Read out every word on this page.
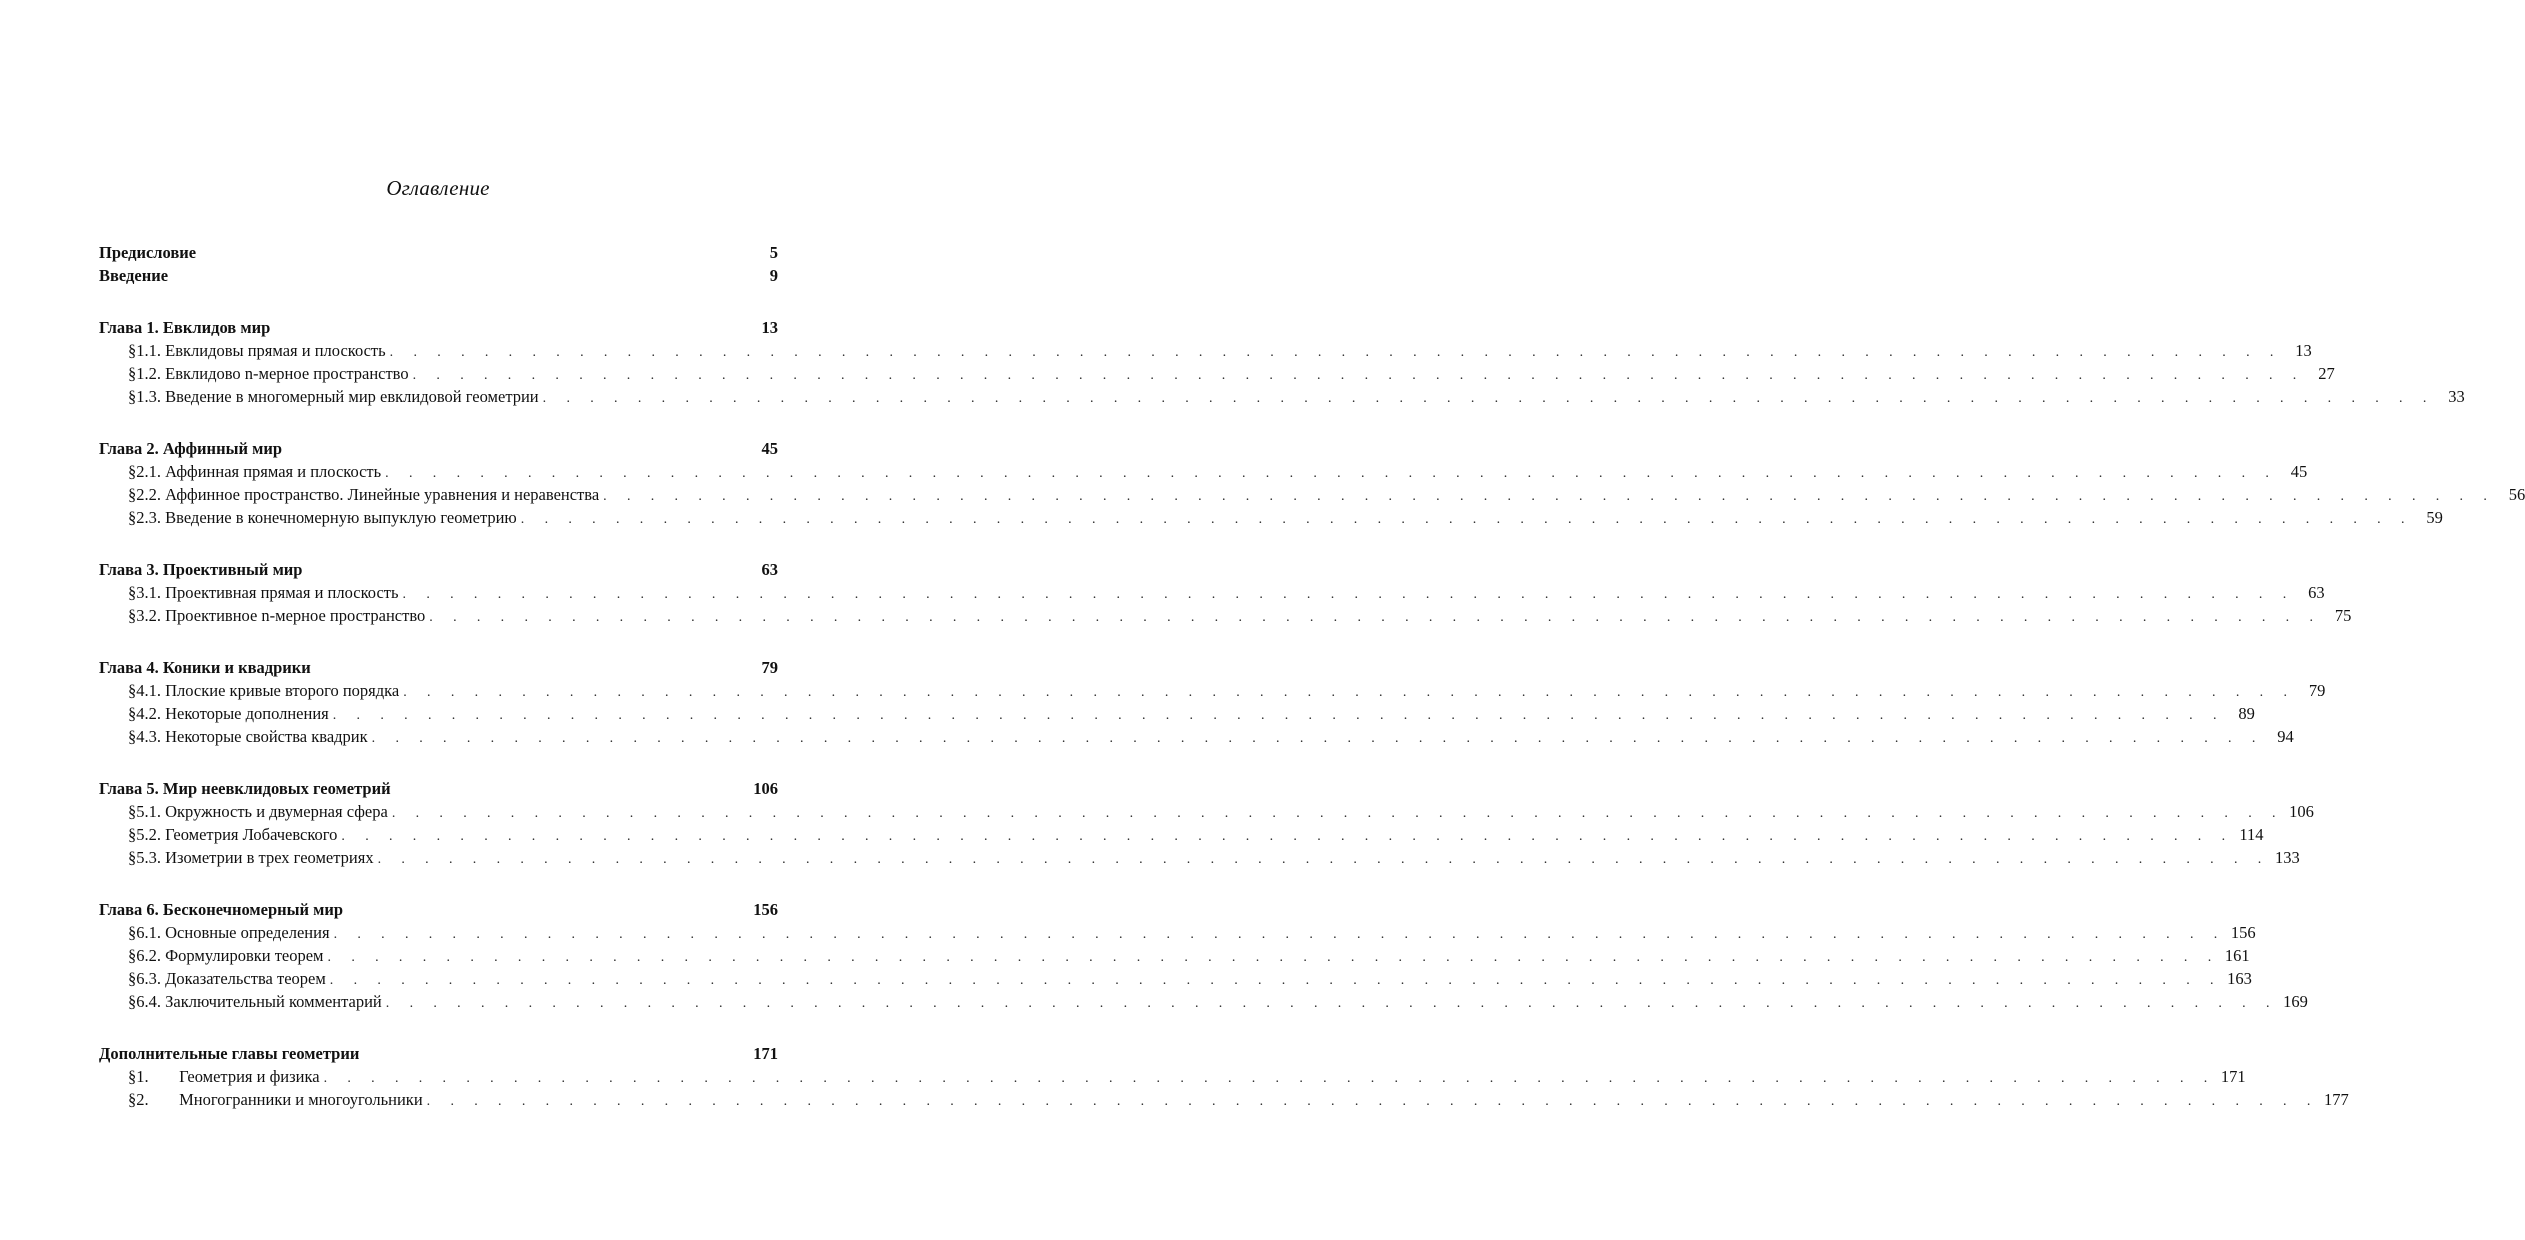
Оглавление
Предисловие	5
Введение	9
Глава 1. Евклидов мир	13
§1.1. Евклидовы прямая и плоскость . . . . . . . . . . . . . . . . . . . . . . . . . . . . . . . . . . . . . . . . . . . . . . . . . . . . . . . . . . . . . . . . . . . . . . . . . . . . . . . . 13
§1.2. Евклидово n-мерное пространство . . . . . . . . . . . . . . . . . . . . . . . . . . . . . . . . . . . . . . . . . . . . . . . . . . . . . . . . . . . . . . . . . . . . . . . . . . . . . . . . 27
§1.3. Введение в многомерный мир евклидовой геометрии . . . . . . . . . . . . . . . . . . . . . . . . . . . . . . . . . . . . . . . . . . . . . . . . . . . . . . . . . . . . . . . . . . . . . . . . . . . . . . . . 33
Глава 2. Аффинный мир	45
§2.1. Аффинная прямая и плоскость . . . . . . . . . . . . . . . . . . . . . . . . . . . . . . . . . . . . . . . . . . . . . . . . . . . . . . . . . . . . . . . . . . . . . . . . . . . . . . . . 45
§2.2. Аффинное пространство. Линейные уравнения и неравенства . . . . . . . . . . . . . . . . . . . . . . . . . . . . . . . . . . . . . . . . . . . . . . . . . . . . . . . . . . . . . . . . . . . . . . . . . . . . . . . . 56
§2.3. Введение в конечномерную выпуклую геометрию . . . . . . . . . . . . . . . . . . . . . . . . . . . . . . . . . . . . . . . . . . . . . . . . . . . . . . . . . . . . . . . . . . . . . . . . . . . . . . . . 59
Глава 3. Проективный мир	63
§3.1. Проективная прямая и плоскость . . . . . . . . . . . . . . . . . . . . . . . . . . . . . . . . . . . . . . . . . . . . . . . . . . . . . . . . . . . . . . . . . . . . . . . . . . . . . . . . 63
§3.2. Проективное n-мерное пространство . . . . . . . . . . . . . . . . . . . . . . . . . . . . . . . . . . . . . . . . . . . . . . . . . . . . . . . . . . . . . . . . . . . . . . . . . . . . . . . . 75
Глава 4. Коники и квадрики	79
§4.1. Плоские кривые второго порядка . . . . . . . . . . . . . . . . . . . . . . . . . . . . . . . . . . . . . . . . . . . . . . . . . . . . . . . . . . . . . . . . . . . . . . . . . . . . . . . . 79
§4.2. Некоторые дополнения . . . . . . . . . . . . . . . . . . . . . . . . . . . . . . . . . . . . . . . . . . . . . . . . . . . . . . . . . . . . . . . . . . . . . . . . . . . . . . . . 89
§4.3. Некоторые свойства квадрик . . . . . . . . . . . . . . . . . . . . . . . . . . . . . . . . . . . . . . . . . . . . . . . . . . . . . . . . . . . . . . . . . . . . . . . . . . . . . . . . 94
Глава 5. Мир неевклидовых геометрий	106
§5.1. Окружность и двумерная сфера . . . . . . . . . . . . . . . . . . . . . . . . . . . . . . . . . . . . . . . . . . . . . . . . . . . . . . . . . . . . . . . . . . . . . . . . . . . . . . . . 106
§5.2. Геометрия Лобачевского . . . . . . . . . . . . . . . . . . . . . . . . . . . . . . . . . . . . . . . . . . . . . . . . . . . . . . . . . . . . . . . . . . . . . . . . . . . . . . . . 114
§5.3. Изометрии в трех геометриях . . . . . . . . . . . . . . . . . . . . . . . . . . . . . . . . . . . . . . . . . . . . . . . . . . . . . . . . . . . . . . . . . . . . . . . . . . . . . . . . 133
Глава 6. Бесконечномерный мир	156
§6.1. Основные определения . . . . . . . . . . . . . . . . . . . . . . . . . . . . . . . . . . . . . . . . . . . . . . . . . . . . . . . . . . . . . . . . . . . . . . . . . . . . . . . . 156
§6.2. Формулировки теорем . . . . . . . . . . . . . . . . . . . . . . . . . . . . . . . . . . . . . . . . . . . . . . . . . . . . . . . . . . . . . . . . . . . . . . . . . . . . . . . . 161
§6.3. Доказательства теорем . . . . . . . . . . . . . . . . . . . . . . . . . . . . . . . . . . . . . . . . . . . . . . . . . . . . . . . . . . . . . . . . . . . . . . . . . . . . . . . . 163
§6.4. Заключительный комментарий . . . . . . . . . . . . . . . . . . . . . . . . . . . . . . . . . . . . . . . . . . . . . . . . . . . . . . . . . . . . . . . . . . . . . . . . . . . . . . . . 169
Дополнительные главы геометрии	171
§1. Геометрия и физика . . . . . . . . . . . . . . . . . . . . . . . . . . . . . . . . . . . . . . . . . . . . . . . . . . . . . . . . . . . . . . . . . . . . . . . . . . . . . . . . 171
§2. Многогранники и многоугольники . . . . . . . . . . . . . . . . . . . . . . . . . . . . . . . . . . . . . . . . . . . . . . . . . . . . . . . . . . . . . . . . . . . . . . . . . . . . . . . . 177
